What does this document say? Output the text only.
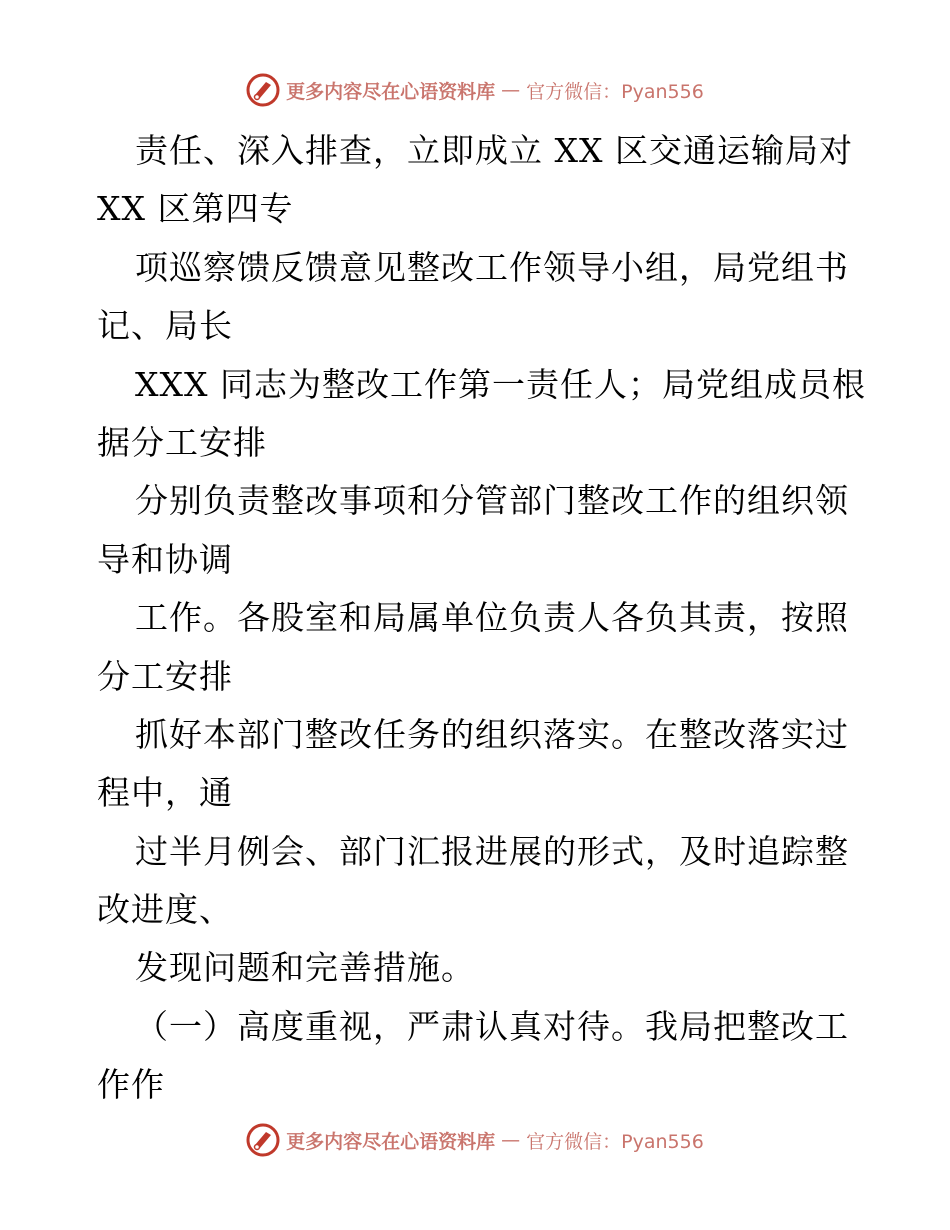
更多内容尽在心语资料库 — 官方微信：Pyan556
责任、深入排查，立即成立 XX 区交通运输局对
XX 区第四专
项巡察馈反馈意见整改工作领导小组，局党组书
记、局长
XXX 同志为整改工作第一责任人；局党组成员根
据分工安排
分别负责整改事项和分管部门整改工作的组织领
导和协调
工作。各股室和局属单位负责人各负其责，按照
分工安排
抓好本部门整改任务的组织落实。在整改落实过
程中，通
过半月例会、部门汇报进展的形式，及时追踪整
改进度、
发现问题和完善措施。
（一）高度重视，严肃认真对待。我局把整改工
作作
更多内容尽在心语资料库 — 官方微信：Pyan556
